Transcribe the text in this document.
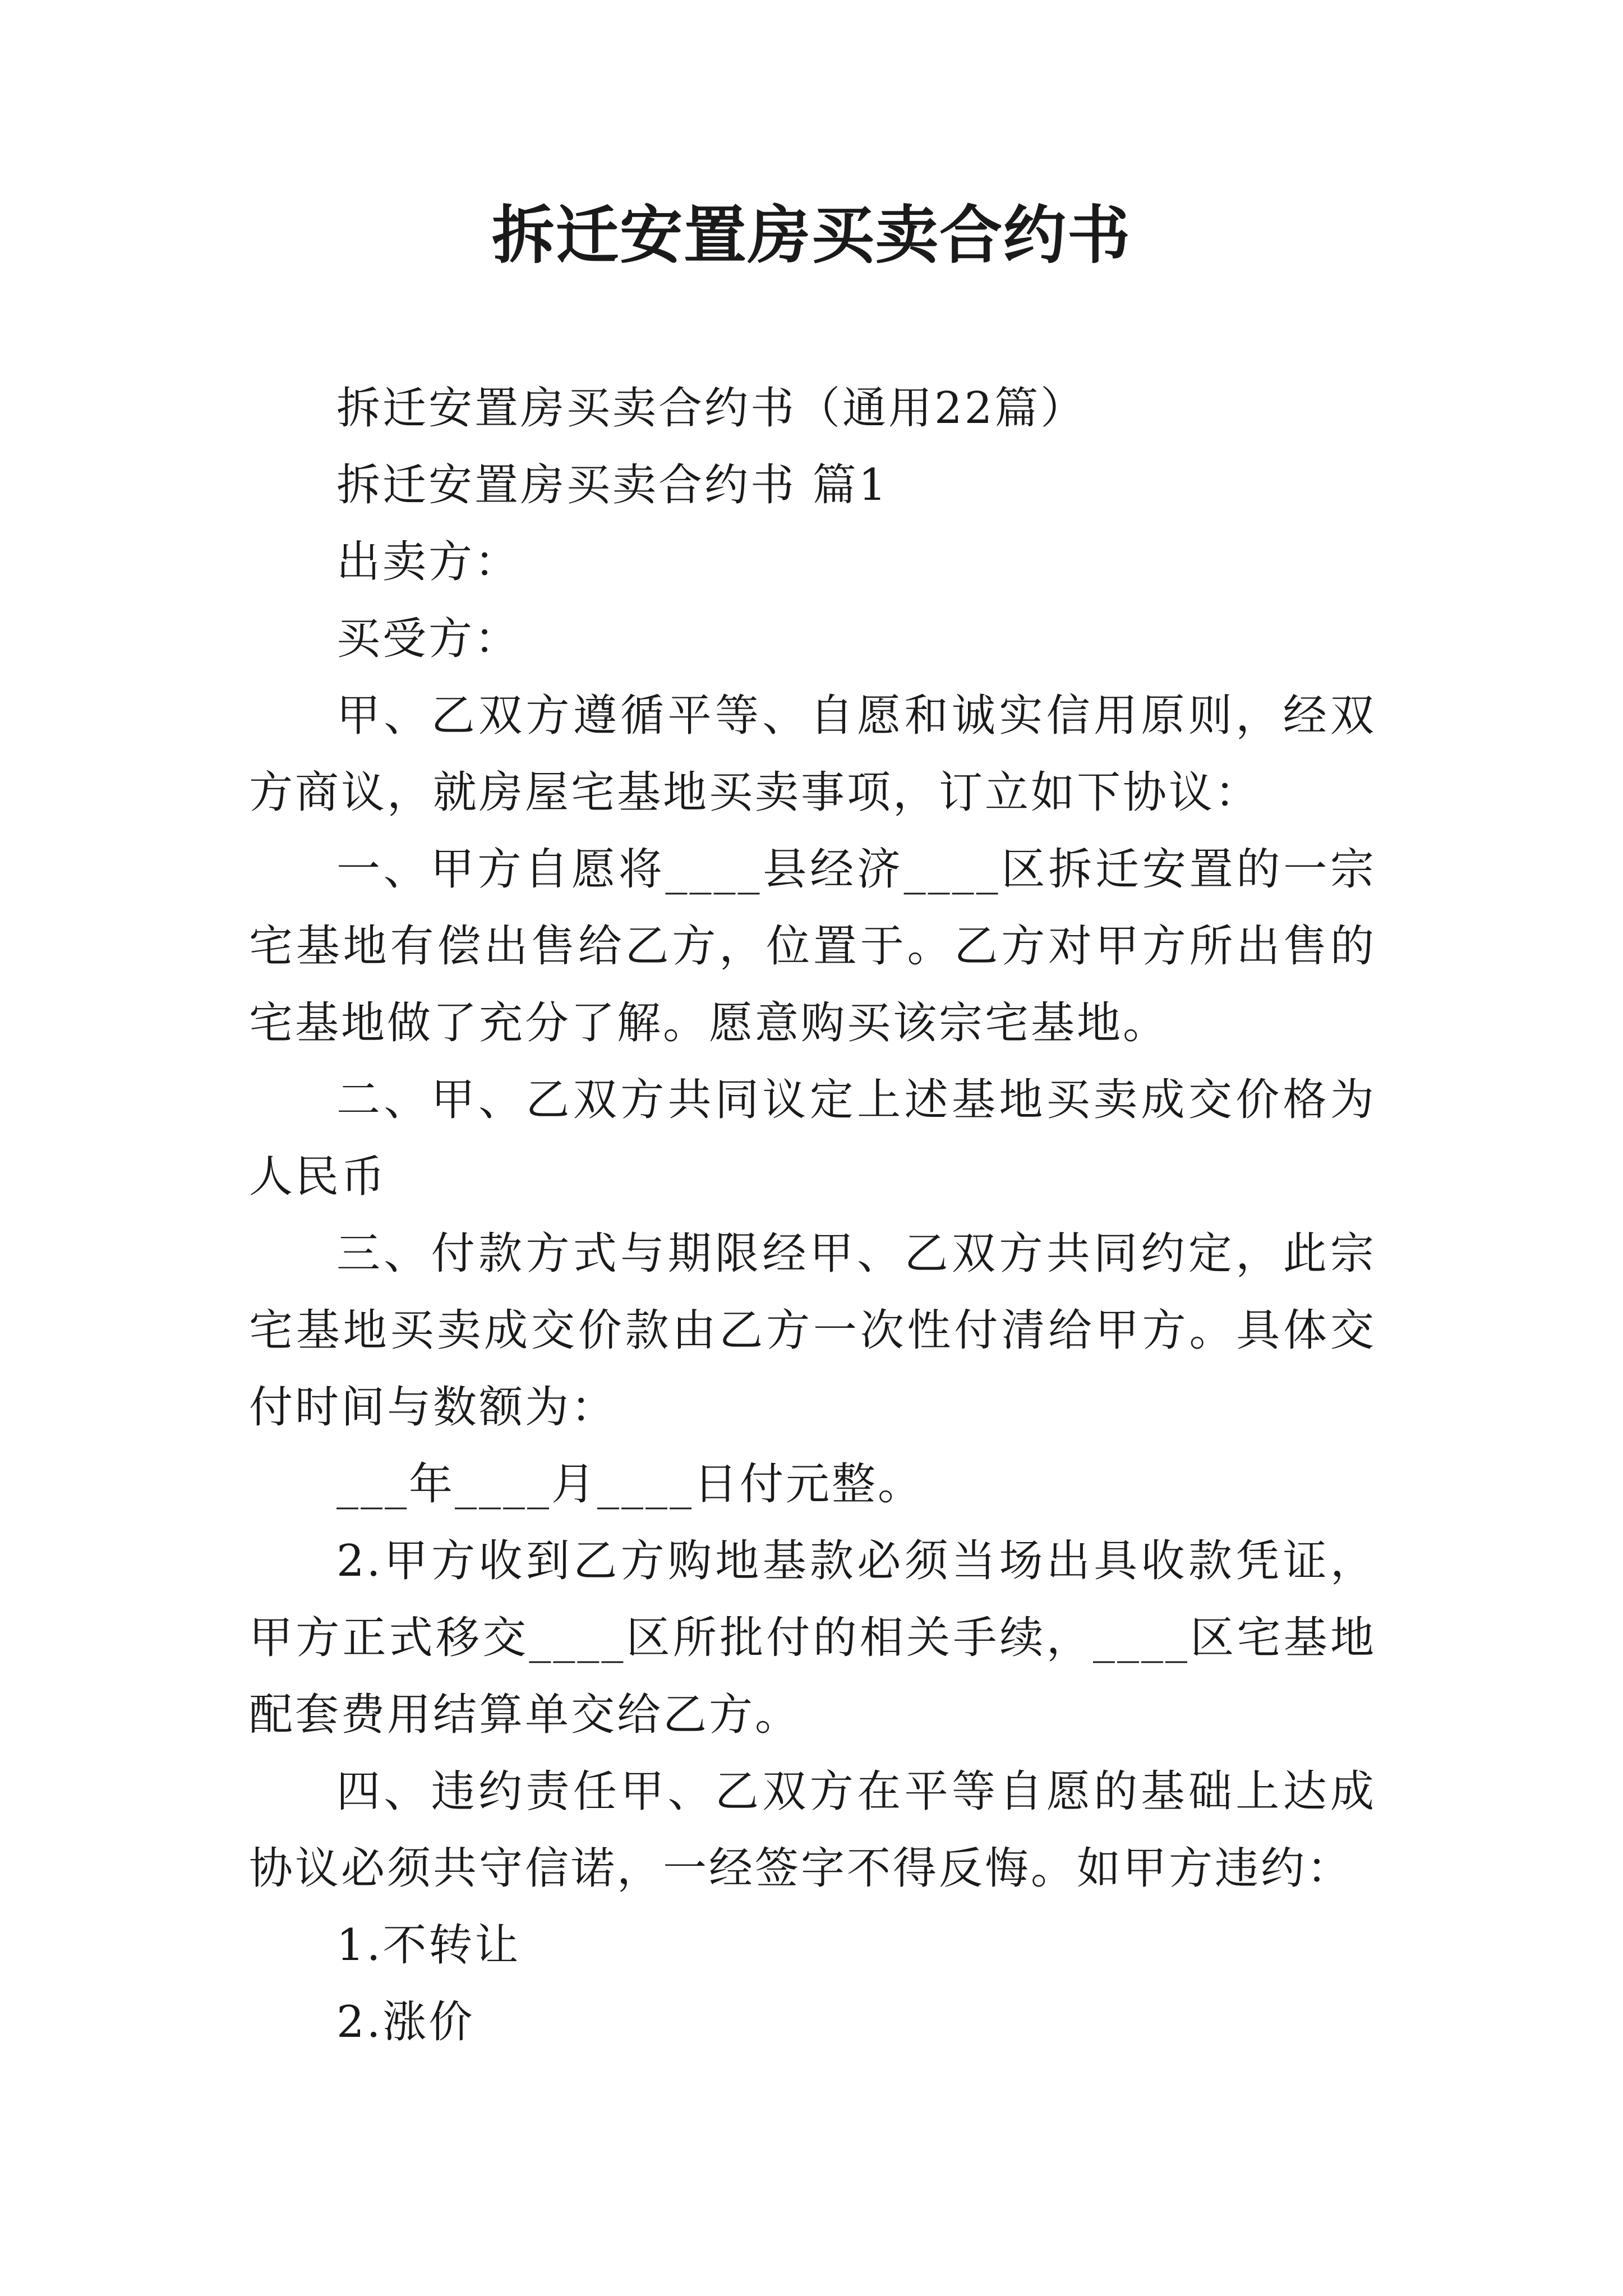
拆迁安置房买卖合约书

拆迁安置房买卖合约书（通用22篇）

拆迁安置房买卖合约书 篇1

出卖方：

买受方：

甲、乙双方遵循平等、自愿和诚实信用原则，经双方商议，就房屋宅基地买卖事项，订立如下协议：

一、甲方自愿将____县经济____区拆迁安置的一宗宅基地有偿出售给乙方，位置于。乙方对甲方所出售的宅基地做了充分了解。愿意购买该宗宅基地。

二、甲、乙双方共同议定上述基地买卖成交价格为人民币

三、付款方式与期限经甲、乙双方共同约定，此宗宅基地买卖成交价款由乙方一次性付清给甲方。具体交付时间与数额为：

___年____月____日付元整。

2.甲方收到乙方购地基款必须当场出具收款凭证，甲方正式移交____区所批付的相关手续，____区宅基地配套费用结算单交给乙方。

四、违约责任甲、乙双方在平等自愿的基础上达成协议必须共守信诺，一经签字不得反悔。如甲方违约：

1.不转让

2.涨价
